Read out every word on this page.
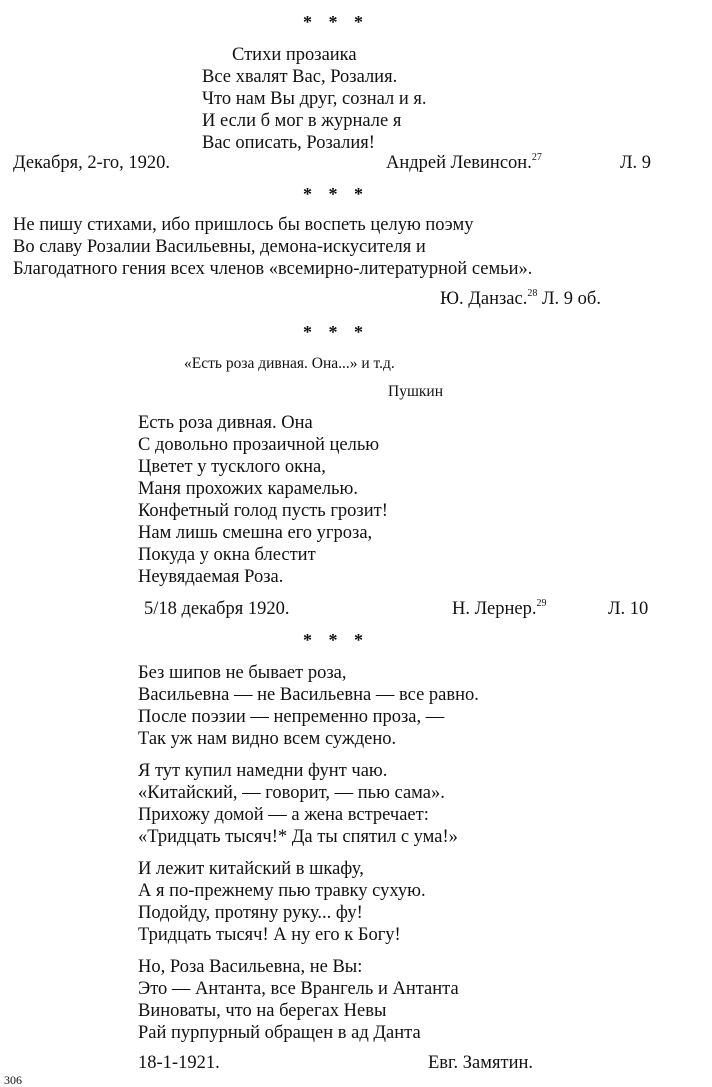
* * *
Стихи прозаика
Все хвалят Вас, Розалия.
Что нам Вы друг, сознал и я.
И если б мог в журнале я
Вас описать, Розалия!
Декабря, 2-го, 1920.	Андрей Левинсон.$^{27}$	Л. 9
* * *
Не пишу стихами, ибо пришлось бы воспеть целую поэму
Во славу Розалии Васильевны, демона-искусителя и
Благодатного гения всех членов «всемирно-литературной семьи».
Ю. Данзас.$^{28}$ Л. 9 об.
* * *
«Есть роза дивная. Она...» и т.д.
Пушкин
Есть роза дивная. Она
С довольно прозаичной целью
Цветет у тусклого окна,
Маня прохожих карамелью.
Конфетный голод пусть грозит!
Нам лишь смешна его угроза,
Покуда у окна блестит
Неувядаемая Роза.
5/18 декабря 1920.	Н. Лернер.$^{29}$	Л. 10
* * *
Без шипов не бывает роза,
Васильевна — не Васильевна — все равно.
После поэзии — непременно проза, —
Так уж нам видно всем суждено.
Я тут купил намедни фунт чаю.
«Китайский, — говорит, — пью сама».
Прихожу домой — а жена встречает:
«Тридцать тысяч!* Да ты спятил с ума!»
И лежит китайский в шкафу,
А я по-прежнему пью травку сухую.
Подойду, протяну руку... фу!
Тридцать тысяч! А ну его к Богу!
Но, Роза Васильевна, не Вы:
Это — Антанта, все Врангель и Антанта
Виноваты, что на берегах Невы
Рай пурпурный обращен в ад Данта
18-1-1921.	Евг. Замятин.
306
